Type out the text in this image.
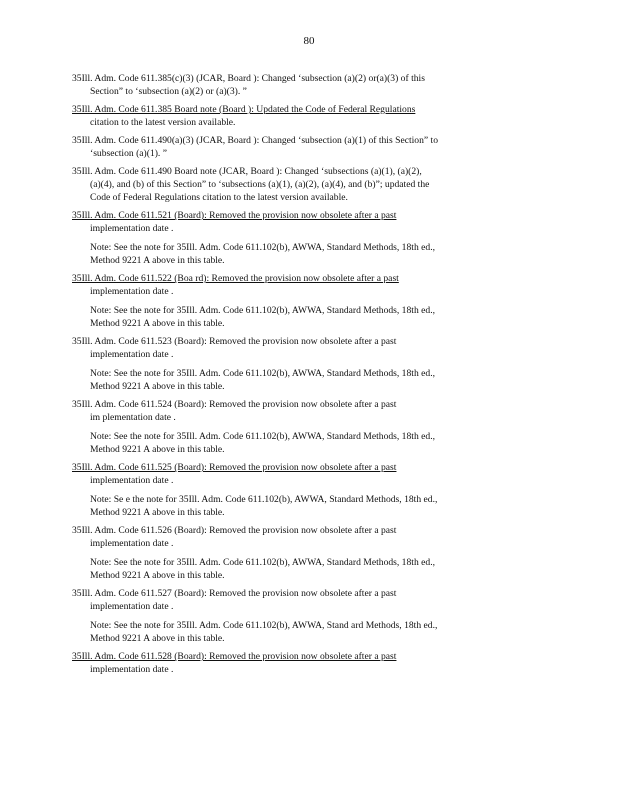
80

35Ill. Adm. Code 611.385(c)(3) (JCAR, Board ): Changed ‘subsection (a)(2) or(a)(3) of this

Section” to ‘subsection (a)(2) or (a)(3). ”

35Ill. Adm. Code 611.385 Board note (Board ): Updated the Code of Federal Regulations

citation to the latest version available.

35Ill. Adm. Code 611.490(a)(3) (JCAR, Board ): Changed ‘subsection (a)(1) of this Section” to

‘subsection (a)(1). ”

35Ill. Adm. Code 611.490 Board note (JCAR, Board ): Changed ‘subsections (a)(1), (a)(2),

(a)(4), and (b) of this Section” to ‘subsections (a)(1), (a)(2), (a)(4), and (b)”; updated the

Code of Federal Regulations citation to the latest version available.

35Ill. Adm. Code 611.521 (Board): Removed the provision now obsolete after a past

implementation date .

Note: See the note for 35Ill. Adm. Code 611.102(b), AWWA, Standard Methods, 18th ed.,

Method 9221 A above in this table.

35Ill. Adm. Code 611.522 (Boa rd): Removed the provision now obsolete after a past

implementation date .

Note: See the note for 35Ill. Adm. Code 611.102(b), AWWA, Standard Methods, 18th ed.,

Method 9221 A above in this table.

35Ill. Adm. Code 611.523 (Board): Removed the provision now obsolete after a past

implementation date .

Note: See the note for 35Ill. Adm. Code 611.102(b), AWWA, Standard Methods, 18th ed.,

Method 9221 A above in this table.

35Ill. Adm. Code 611.524 (Board): Removed the provision now obsolete after a past

im plementation date .

Note: See the note for 35Ill. Adm. Code 611.102(b), AWWA, Standard Methods, 18th ed.,

Method 9221 A above in this table.

35Ill. Adm. Code 611.525 (Board): Removed the provision now obsolete after a past

implementation date .

Note: Se e the note for 35Ill. Adm. Code 611.102(b), AWWA, Standard Methods, 18th ed.,

Method 9221 A above in this table.

35Ill. Adm. Code 611.526 (Board): Removed the provision now obsolete after a past

implementation date .

Note: See the note for 35Ill. Adm. Code 611.102(b), AWWA, Standard Methods, 18th ed.,

Method 9221 A above in this table.

35Ill. Adm. Code 611.527 (Board): Removed the provision now obsolete after a past

implementation date .

Note: See the note for 35Ill. Adm. Code 611.102(b), AWWA, Stand ard Methods, 18th ed.,

Method 9221 A above in this table.

35Ill. Adm. Code 611.528 (Board): Removed the provision now obsolete after a past

implementation date .
